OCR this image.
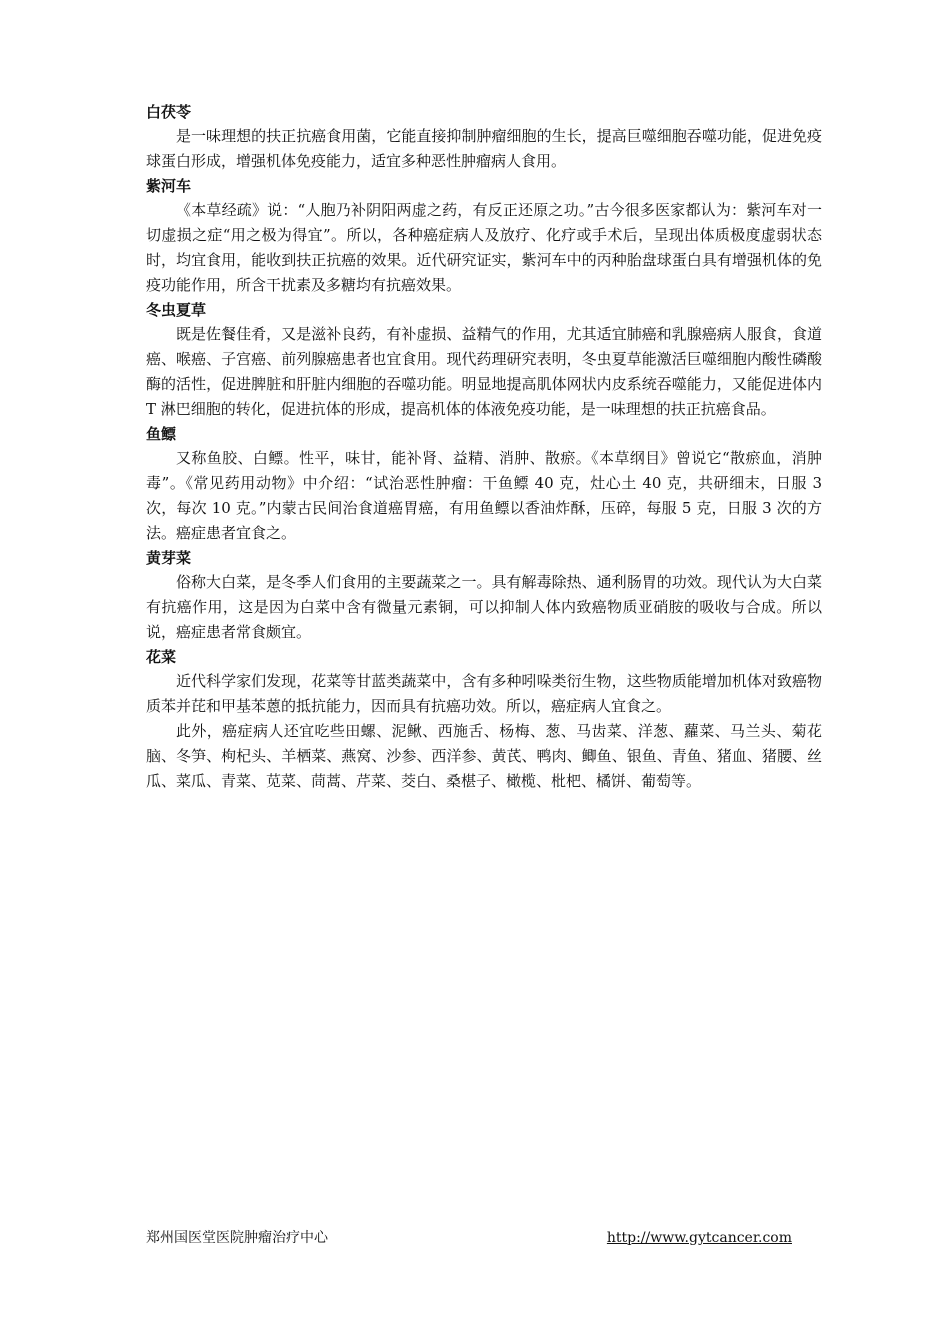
白茯苓

是一味理想的扶正抗癌食用菌，它能直接抑制肿瘤细胞的生长，提高巨噬细胞吞噬功能，促进免疫球蛋白形成，增强机体免疫能力，适宜多种恶性肿瘤病人食用。

紫河车

《本草经疏》说：“人胞乃补阴阳两虚之药，有反正还原之功。”古今很多医家都认为：紫河车对一切虚损之症“用之极为得宜”。所以，各种癌症病人及放疗、化疗或手术后，呈现出体质极度虚弱状态时，均宜食用，能收到扶正抗癌的效果。近代研究证实，紫河车中的丙种胎盘球蛋白具有增强机体的免疫功能作用，所含干扰素及多糖均有抗癌效果。

冬虫夏草

既是佐餐佳肴，又是滋补良药，有补虚损、益精气的作用，尤其适宜肺癌和乳腺癌病人服食，食道癌、喉癌、子宫癌、前列腺癌患者也宜食用。现代药理研究表明，冬虫夏草能激活巨噬细胞内酸性磷酸酶的活性，促进脾脏和肝脏内细胞的吞噬功能。明显地提高肌体网状内皮系统吞噬能力，又能促进体内 T 淋巴细胞的转化，促进抗体的形成，提高机体的体液免疫功能，是一味理想的扶正抗癌食品。

鱼鳔

又称鱼胶、白鳔。性平，味甘，能补肾、益精、消肿、散瘀。《本草纲目》曾说它“散瘀血，消肿毒”。《常见药用动物》中介绍：“试治恶性肿瘤：干鱼鳔 40 克，灶心土 40 克，共研细末，日服 3 次，每次 10 克。”内蒙古民间治食道癌胃癌，有用鱼鳔以香油炸酥，压碎，每服 5 克，日服 3 次的方法。癌症患者宜食之。

黄芽菜

俗称大白菜，是冬季人们食用的主要蔬菜之一。具有解毒除热、通利肠胃的功效。现代认为大白菜有抗癌作用，这是因为白菜中含有微量元素铜，可以抑制人体内致癌物质亚硝胺的吸收与合成。所以说，癌症患者常食颇宜。

花菜

近代科学家们发现，花菜等甘蓝类蔬菜中，含有多种吲哚类衍生物，这些物质能增加机体对致癌物质苯并芘和甲基苯蒽的抵抗能力，因而具有抗癌功效。所以，癌症病人宜食之。

此外，癌症病人还宜吃些田螺、泥鳅、西施舌、杨梅、葱、马齿菜、洋葱、蘿菜、马兰头、菊花脑、冬笋、枸杞头、羊栖菜、燕窝、沙参、西洋参、黄芪、鸭肉、鲫鱼、银鱼、青鱼、猪血、猪腰、丝瓜、菜瓜、青菜、苋菜、茼蒿、芹菜、茭白、桑椹子、橄榄、枇杷、橘饼、葡萄等。

郑州国医堂医院肿瘤治疗中心	http://www.gytcancer.com
